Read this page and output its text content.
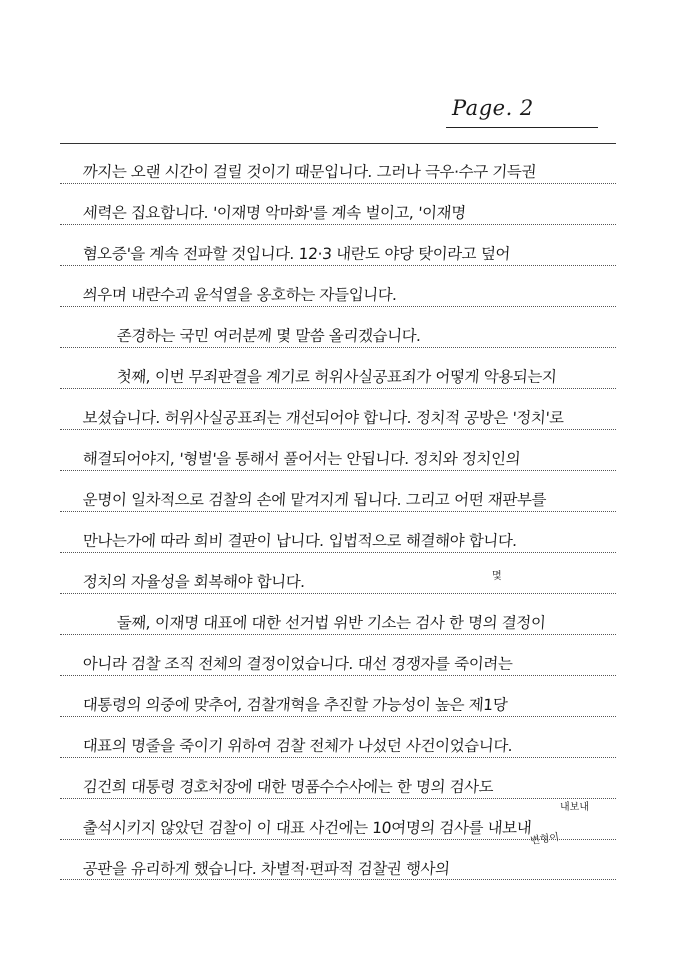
Page. 2
까지는 오랜 시간이 걸릴 것이기 때문입니다. 그러나 극우·수구 기득권
세력은 집요합니다. '이재명 악마화'를 계속 벌이고, '이재명
혐오증'을 계속 전파할 것입니다. 12·3 내란도 야당 탓이라고 덮어
씌우며 내란수괴 윤석열을 옹호하는 자들입니다.
존경하는 국민 여러분께 몇 말씀 올리겠습니다.
첫째, 이번 무죄판결을 계기로 허위사실공표죄가 어떻게 악용되는지
보셨습니다. 허위사실공표죄는 개선되어야 합니다. 정치적 공방은 '정치'로
해결되어야지, '형벌'을 통해서 풀어서는 안됩니다. 정치와 정치인의
운명이 일차적으로 검찰의 손에 맡겨지게 됩니다. 그리고 어떤 재판부를
만나는가에 따라 희비 결판이 납니다. 입법적으로 해결해야 합니다.
정치의 자율성을 회복해야 합니다.
둘째, 이재명 대표에 대한 선거법 위반 기소는 검사 한 명의 결정이
아니라 검찰 조직 전체의 결정이었습니다. 대선 경쟁자를 죽이려는
대통령의 의중에 맞추어, 검찰개혁을 추진할 가능성이 높은 제1당
대표의 명줄을 죽이기 위하여 검찰 전체가 나섰던 사건이었습니다.
김건희 대통령 경호처장에 대한 명품수수사에는 한 명의 검사도
출석시키지 않았던 검찰이 이 대표 사건에는 10여명의 검사를 내보내
공판을 유리하게 했습니다. 차별적·편파적 검찰권 행사의
몇
내보내
변형이
